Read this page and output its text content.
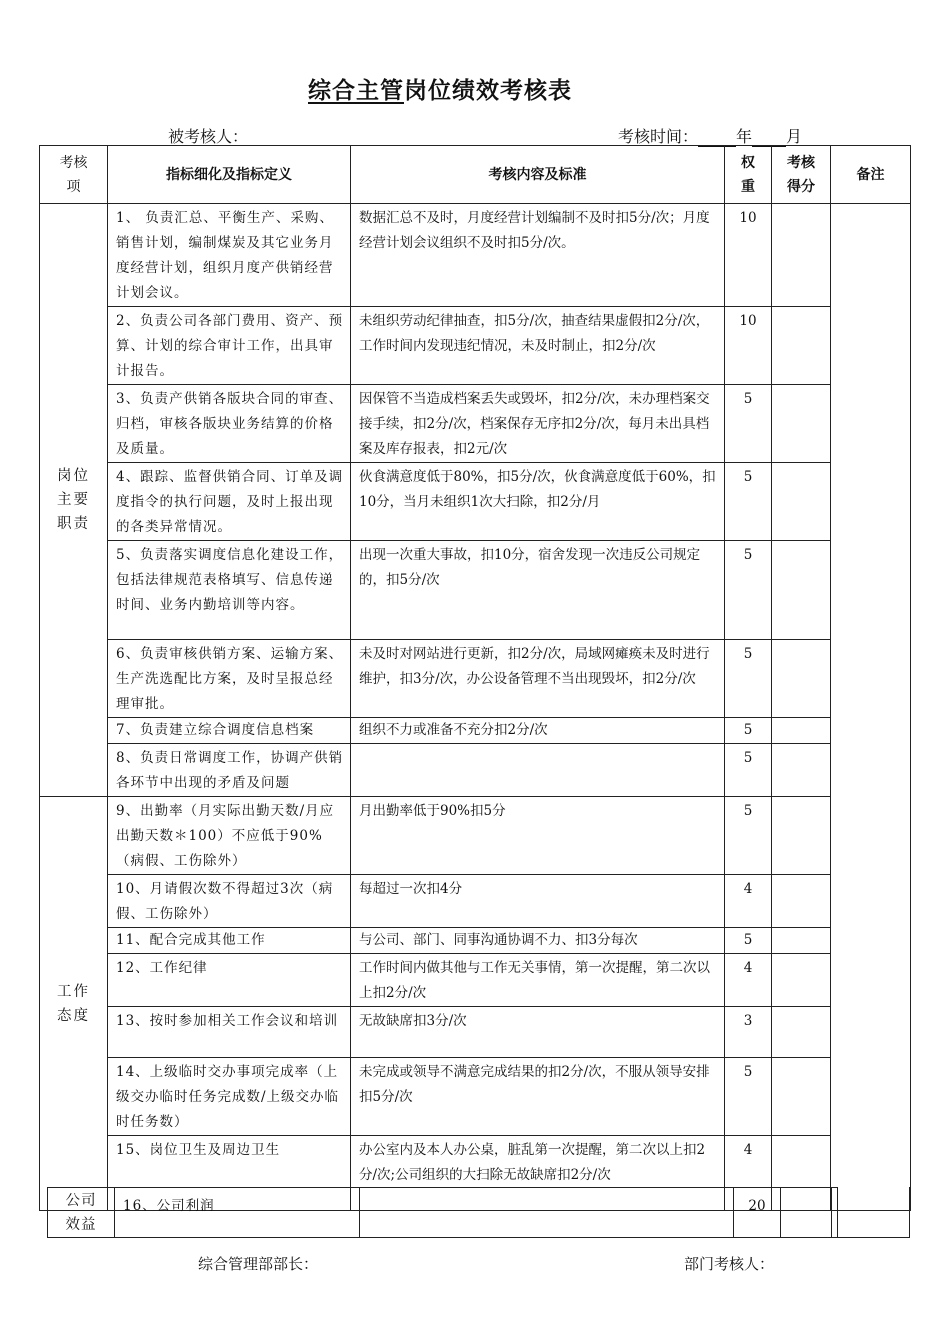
综合主管岗位绩效考核表
被考核人：	考核时间： 年 月
考核项	指标细化及指标定义	考核内容及标准	权重	考核得分	备注
岗位主要职责	1、 负责汇总、平衡生产、采购、销售计划，编制煤炭及其它业务月度经营计划，组织月度产供销经营计划会议。	数据汇总不及时，月度经营计划编制不及时扣5分/次；月度经营计划会议组织不及时扣5分/次。	10		
	2、负责公司各部门费用、资产、预算、计划的综合审计工作，出具审计报告。	未组织劳动纪律抽查，扣5分/次，抽查结果虚假扣2分/次，工作时间内发现违纪情况，未及时制止，扣2分/次	10		
	3、负责产供销各版块合同的审查、归档，审核各版块业务结算的价格及质量。	因保管不当造成档案丢失或毁坏，扣2分/次，未办理档案交接手续，扣2分/次，档案保存无序扣2分/次，每月未出具档案及库存报表，扣2元/次	5		
	4、跟踪、监督供销合同、订单及调度指令的执行问题，及时上报出现的各类异常情况。	伙食满意度低于80%，扣5分/次，伙食满意度低于60%，扣10分，当月未组织1次大扫除，扣2分/月	5		
	5、负责落实调度信息化建设工作，包括法律规范表格填写、信息传递时间、业务内勤培训等内容。	出现一次重大事故，扣10分，宿舍发现一次违反公司规定的，扣5分/次	5		
	6、负责审核供销方案、运输方案、生产洗选配比方案，及时呈报总经理审批。	未及时对网站进行更新，扣2分/次，局域网瘫痪未及时进行维护，扣3分/次，办公设备管理不当出现毁坏，扣2分/次	5		
	7、负责建立综合调度信息档案	组织不力或准备不充分扣2分/次	5		
	8、负责日常调度工作，协调产供销各环节中出现的矛盾及问题		5		
工作态度	9、出勤率（月实际出勤天数/月应出勤天数＊100）不应低于90%（病假、工伤除外）	月出勤率低于90%扣5分	5		
	10、月请假次数不得超过3次（病假、工伤除外）	每超过一次扣4分	4		
	11、配合完成其他工作	与公司、部门、同事沟通协调不力、扣3分每次	5		
	12、工作纪律	工作时间内做其他与工作无关事情，第一次提醒，第二次以上扣2分/次	4		
	13、按时参加相关工作会议和培训	无故缺席扣3分/次	3		
	14、上级临时交办事项完成率（上级交办临时任务完成数/上级交办临时任务数）	未完成或领导不满意完成结果的扣2分/次，不服从领导安排扣5分/次	5		
	15、岗位卫生及周边卫生	办公室内及本人办公桌，脏乱第一次提醒，第二次以上扣2分/次;公司组织的大扫除无故缺席扣2分/次	4		
公司效益	16、公司利润		20		
综合管理部部长：	部门考核人：
